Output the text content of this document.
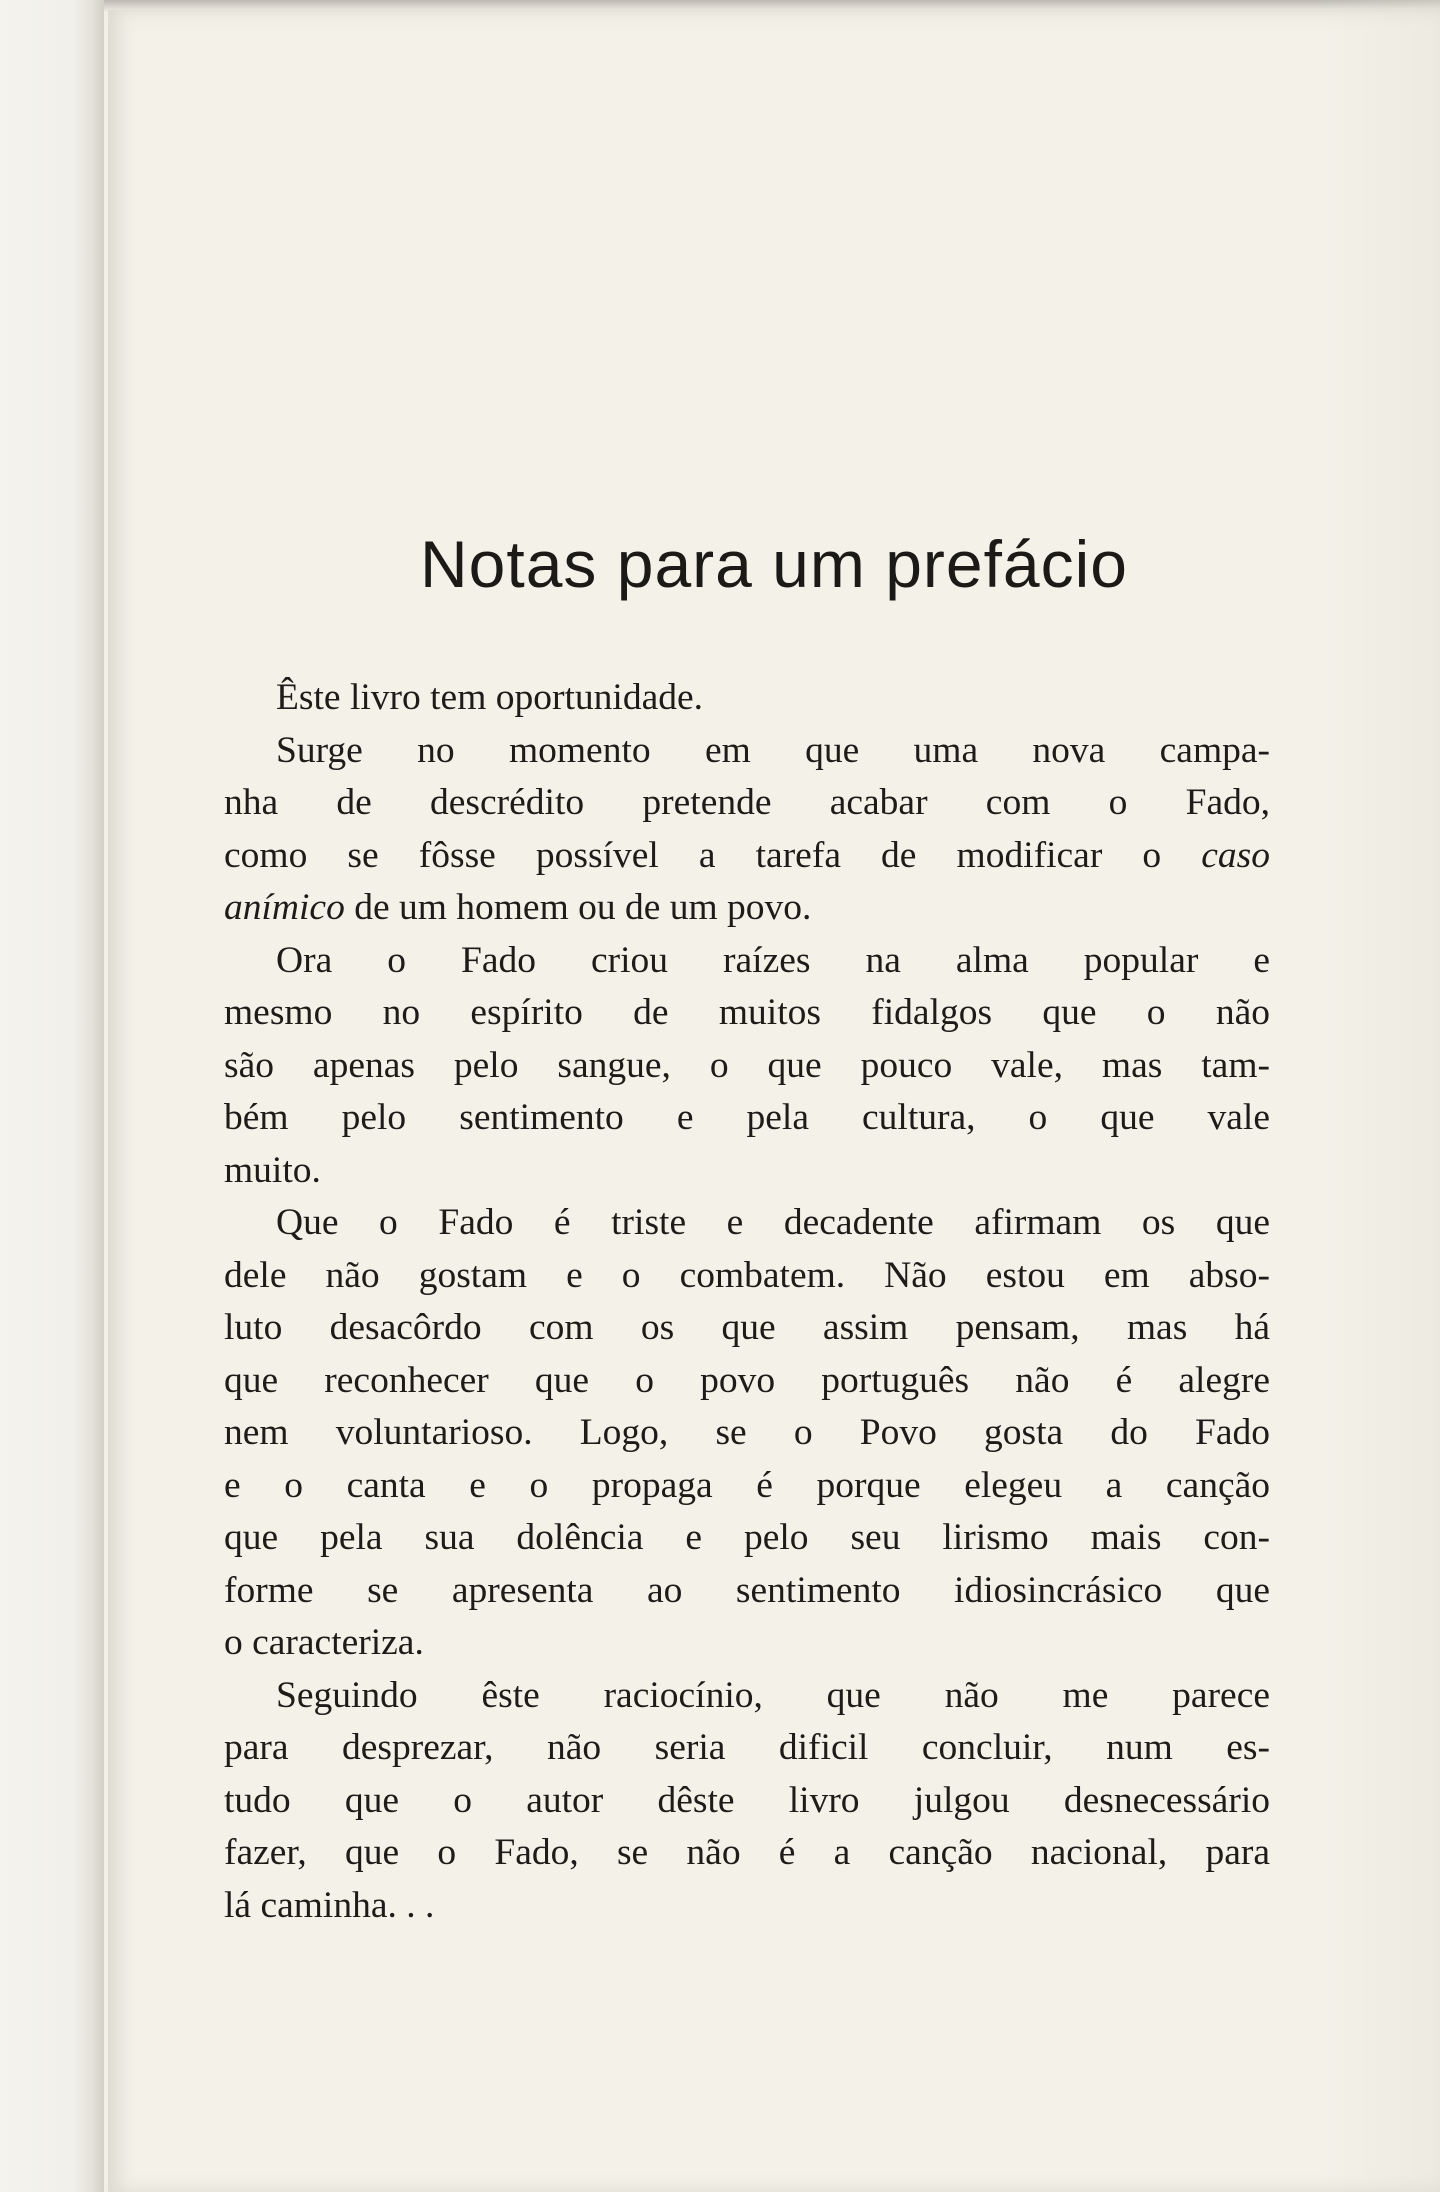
Notas para um prefácio
Êste livro tem oportunidade.
Surge no momento em que uma nova campa-
nha de descrédito pretende acabar com o Fado,
como se fôsse possível a tarefa de modificar o caso
anímico de um homem ou de um povo.
Ora o Fado criou raízes na alma popular e
mesmo no espírito de muitos fidalgos que o não
são apenas pelo sangue, o que pouco vale, mas tam-
bém pelo sentimento e pela cultura, o que vale
muito.
Que o Fado é triste e decadente afirmam os que
dele não gostam e o combatem. Não estou em abso-
luto desacôrdo com os que assim pensam, mas há
que reconhecer que o povo português não é alegre
nem voluntarioso. Logo, se o Povo gosta do Fado
e o canta e o propaga é porque elegeu a canção
que pela sua dolência e pelo seu lirismo mais con-
forme se apresenta ao sentimento idiosincrásico que
o caracteriza.
Seguindo êste raciocínio, que não me parece
para desprezar, não seria dificil concluir, num es-
tudo que o autor dêste livro julgou desnecessário
fazer, que o Fado, se não é a canção nacional, para
lá caminha. . .
